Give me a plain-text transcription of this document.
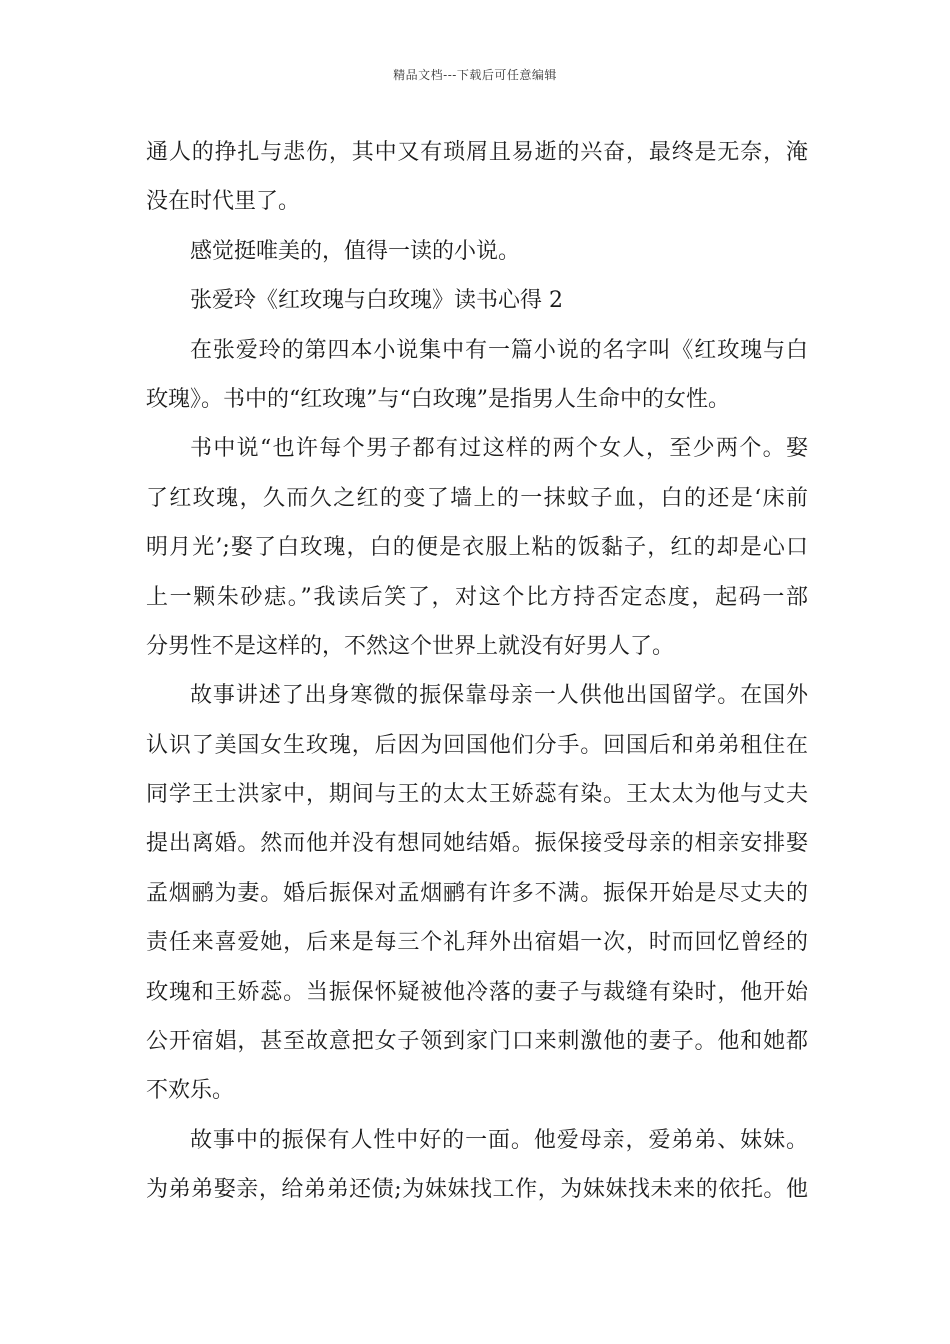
精品文档---下载后可任意编辑
通人的挣扎与悲伤，其中又有琐屑且易逝的兴奋，最终是无奈，淹
没在时代里了。
感觉挺唯美的，值得一读的小说。
张爱玲《红玫瑰与白玫瑰》读书心得 2
在张爱玲的第四本小说集中有一篇小说的名字叫《红玫瑰与白
玫瑰》。书中的“红玫瑰”与“白玫瑰”是指男人生命中的女性。
书中说“也许每个男子都有过这样的两个女人，至少两个。娶
了红玫瑰，久而久之红的变了墙上的一抹蚊子血，白的还是‘床前
明月光’;娶了白玫瑰，白的便是衣服上粘的饭黏子，红的却是心口
上一颗朱砂痣。”我读后笑了，对这个比方持否定态度，起码一部
分男性不是这样的，不然这个世界上就没有好男人了。
故事讲述了出身寒微的振保靠母亲一人供他出国留学。在国外
认识了美国女生玫瑰，后因为回国他们分手。回国后和弟弟租住在
同学王士洪家中，期间与王的太太王娇蕊有染。王太太为他与丈夫
提出离婚。然而他并没有想同她结婚。振保接受母亲的相亲安排娶
孟烟鹂为妻。婚后振保对孟烟鹂有许多不满。振保开始是尽丈夫的
责任来喜爱她，后来是每三个礼拜外出宿娼一次，时而回忆曾经的
玫瑰和王娇蕊。当振保怀疑被他冷落的妻子与裁缝有染时，他开始
公开宿娼，甚至故意把女子领到家门口来刺激他的妻子。他和她都
不欢乐。
故事中的振保有人性中好的一面。他爱母亲，爱弟弟、妹妹。
为弟弟娶亲，给弟弟还债;为妹妹找工作，为妹妹找未来的依托。他
